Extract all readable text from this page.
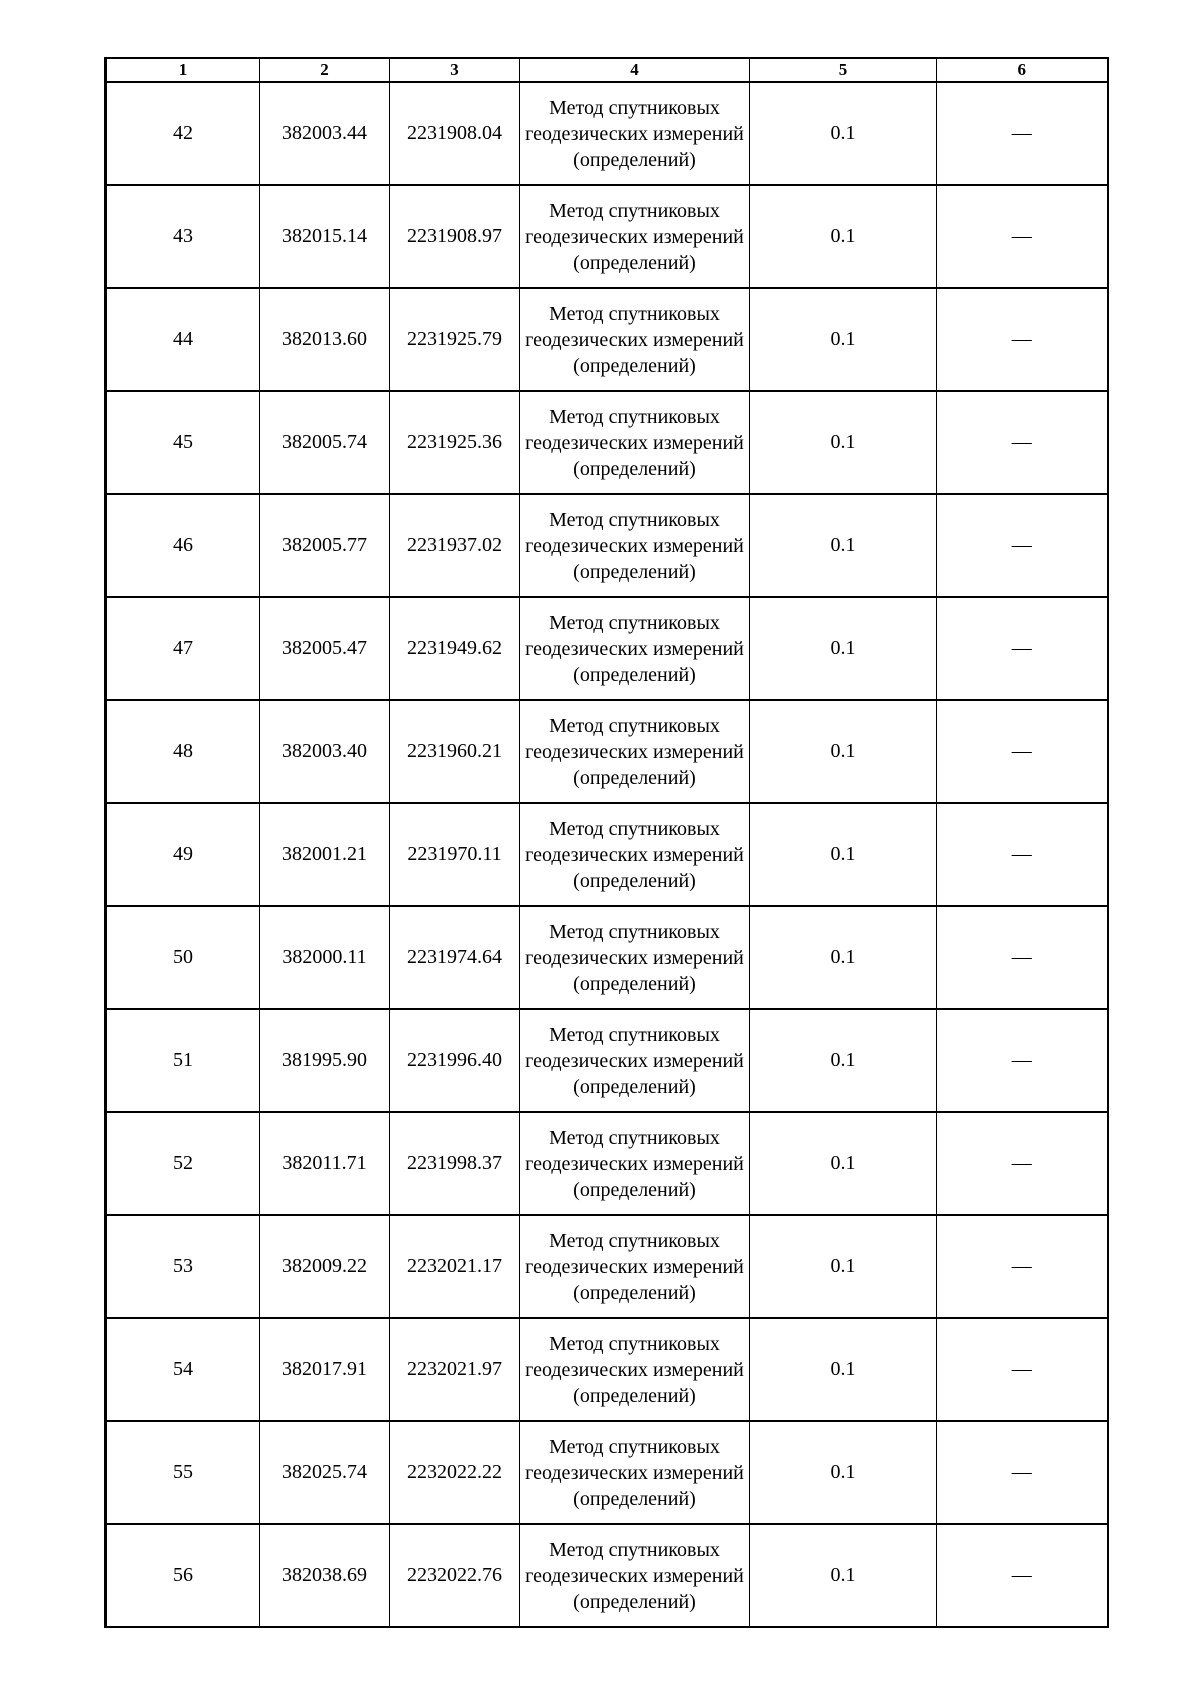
1	2	3	4	5	6
42	382003.44	2231908.04	Метод спутниковых геодезических измерений (определений)	0.1	—
43	382015.14	2231908.97	Метод спутниковых геодезических измерений (определений)	0.1	—
44	382013.60	2231925.79	Метод спутниковых геодезических измерений (определений)	0.1	—
45	382005.74	2231925.36	Метод спутниковых геодезических измерений (определений)	0.1	—
46	382005.77	2231937.02	Метод спутниковых геодезических измерений (определений)	0.1	—
47	382005.47	2231949.62	Метод спутниковых геодезических измерений (определений)	0.1	—
48	382003.40	2231960.21	Метод спутниковых геодезических измерений (определений)	0.1	—
49	382001.21	2231970.11	Метод спутниковых геодезических измерений (определений)	0.1	—
50	382000.11	2231974.64	Метод спутниковых геодезических измерений (определений)	0.1	—
51	381995.90	2231996.40	Метод спутниковых геодезических измерений (определений)	0.1	—
52	382011.71	2231998.37	Метод спутниковых геодезических измерений (определений)	0.1	—
53	382009.22	2232021.17	Метод спутниковых геодезических измерений (определений)	0.1	—
54	382017.91	2232021.97	Метод спутниковых геодезических измерений (определений)	0.1	—
55	382025.74	2232022.22	Метод спутниковых геодезических измерений (определений)	0.1	—
56	382038.69	2232022.76	Метод спутниковых геодезических измерений (определений)	0.1	—
